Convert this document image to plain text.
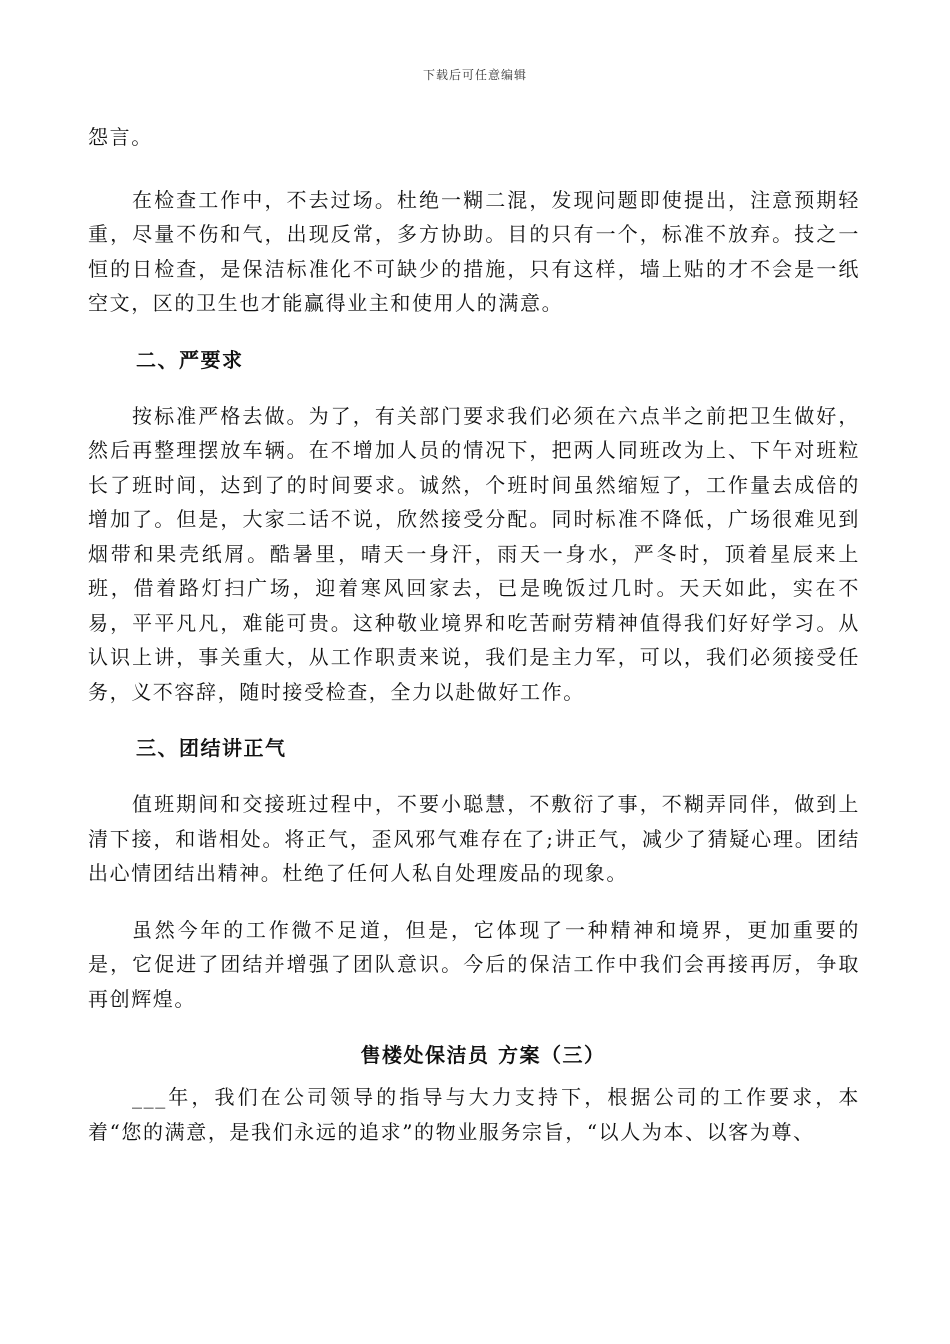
下载后可任意编辑

怨言。

在检查工作中，不去过场。杜绝一糊二混，发现问题即使提出，注意预期轻重，尽量不伤和气，出现反常，多方协助。目的只有一个，标准不放弃。技之一恒的日检查，是保洁标准化不可缺少的措施，只有这样，墙上贴的才不会是一纸空文，区的卫生也才能赢得业主和使用人的满意。

二、严要求

按标准严格去做。为了，有关部门要求我们必须在六点半之前把卫生做好，然后再整理摆放车辆。在不增加人员的情况下，把两人同班改为上、下午对班粒长了班时间，达到了的时间要求。诚然，个班时间虽然缩短了，工作量去成倍的增加了。但是，大家二话不说，欣然接受分配。同时标准不降低，广场很难见到烟带和果壳纸屑。酷暑里，晴天一身汗，雨天一身水，严冬时，顶着星辰来上班，借着路灯扫广场，迎着寒风回家去，已是晚饭过几时。天天如此，实在不易，平平凡凡，难能可贵。这种敬业境界和吃苦耐劳精神值得我们好好学习。从认识上讲，事关重大，从工作职责来说，我们是主力军，可以，我们必须接受任务，义不容辞，随时接受检查，全力以赴做好工作。

三、团结讲正气

值班期间和交接班过程中，不要小聪慧，不敷衍了事，不糊弄同伴，做到上清下接，和谐相处。将正气，歪风邪气难存在了;讲正气，减少了猜疑心理。团结出心情团结出精神。杜绝了任何人私自处理废品的现象。

虽然今年的工作微不足道，但是，它体现了一种精神和境界，更加重要的是，它促进了团结并增强了团队意识。今后的保洁工作中我们会再接再厉，争取再创辉煌。

售楼处保洁员 方案（三）

___年，我们在公司领导的指导与大力支持下，根据公司的工作要求，本着“您的满意，是我们永远的追求”的物业服务宗旨，“以人为本、以客为尊、
